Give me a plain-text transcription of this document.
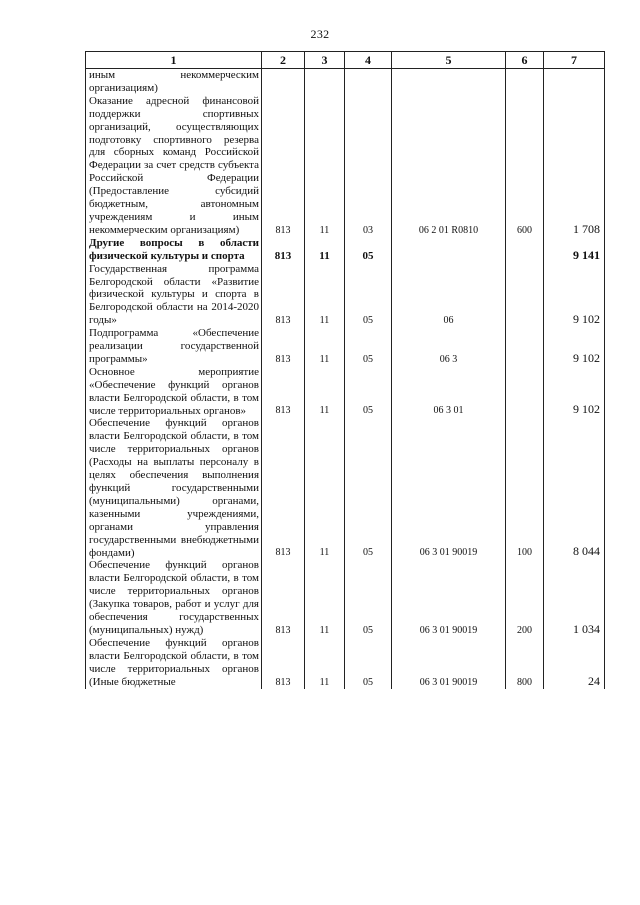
232
1	2	3	4	5	6	7
иным некоммерческим организациям)						
Оказание адресной финансовой поддержки спортивных организаций, осуществляющих подготовку спортивного резерва для сборных команд Российской Федерации за счет средств субъекта Российской Федерации (Предоставление субсидий бюджетным, автономным учреждениям и иным некоммерческим организациям)	813	11	03	06 2 01 R0810	600	1 708
Другие вопросы в области физической культуры и спорта	813	11	05			9 141
Государственная программа Белгородской области «Развитие физической культуры и спорта в Белгородской области на 2014-2020 годы»	813	11	05	06		9 102
Подпрограмма «Обеспечение реализации государственной программы»	813	11	05	06 3		9 102
Основное мероприятие «Обеспечение функций органов власти Белгородской области, в том числе территориальных органов»	813	11	05	06 3 01		9 102
Обеспечение функций органов власти Белгородской области, в том числе территориальных органов (Расходы на выплаты персоналу в целях обеспечения выполнения функций государственными (муниципальными) органами, казенными учреждениями, органами управления государственными внебюджетными фондами)	813	11	05	06 3 01 90019	100	8 044
Обеспечение функций органов власти Белгородской области, в том числе территориальных органов (Закупка товаров, работ и услуг для обеспечения государственных (муниципальных) нужд)	813	11	05	06 3 01 90019	200	1 034
Обеспечение функций органов власти Белгородской области, в том числе территориальных органов (Иные бюджетные	813	11	05	06 3 01 90019	800	24
